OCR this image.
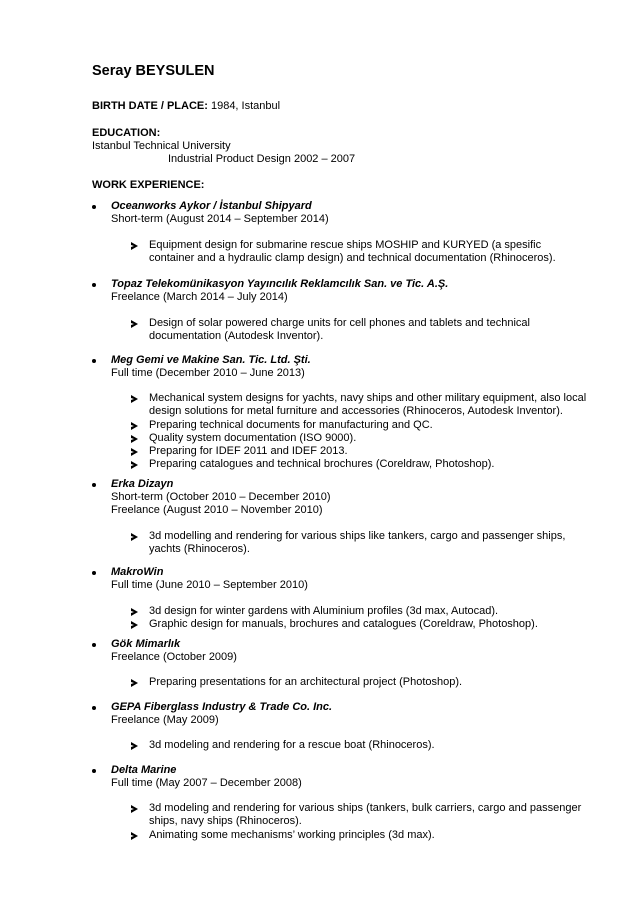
Seray BEYSULEN
BIRTH DATE / PLACE: 1984, Istanbul
EDUCATION:
Istanbul Technical University
Industrial Product Design 2002 – 2007
WORK EXPERIENCE:
Oceanworks Aykor / İstanbul Shipyard
Short-term (August 2014 – September 2014)
Equipment design for submarine rescue ships MOSHIP and KURYED (a spesific container and a hydraulic clamp design) and technical documentation (Rhinoceros).
Topaz Telekomünikasyon Yayıncılık Reklamcılık San. ve Tic. A.Ş.
Freelance (March 2014 – July 2014)
Design of solar powered charge units for cell phones and tablets and technical documentation (Autodesk Inventor).
Meg Gemi ve Makine San. Tic. Ltd. Şti.
Full time (December 2010 – June 2013)
Mechanical system designs for yachts, navy ships and other military equipment, also local design solutions for metal furniture and accessories (Rhinoceros, Autodesk Inventor).
Preparing technical documents for manufacturing and QC.
Quality system documentation (ISO 9000).
Preparing for IDEF 2011 and IDEF 2013.
Preparing catalogues and technical brochures (Coreldraw, Photoshop).
Erka Dizayn
Short-term (October 2010 – December 2010)
Freelance (August 2010 – November 2010)
3d modelling and rendering for various ships like tankers, cargo and passenger ships, yachts (Rhinoceros).
MakroWin
Full time (June 2010 – September 2010)
3d design for winter gardens with Aluminium profiles (3d max, Autocad).
Graphic design for manuals, brochures and catalogues (Coreldraw, Photoshop).
Gök Mimarlık
Freelance (October 2009)
Preparing presentations for an architectural project (Photoshop).
GEPA Fiberglass Industry & Trade Co. Inc.
Freelance (May 2009)
3d modeling and rendering for a rescue boat (Rhinoceros).
Delta Marine
Full time (May 2007 – December 2008)
3d modeling and rendering for various ships (tankers, bulk carriers, cargo and passenger ships, navy ships (Rhinoceros).
Animating some mechanisms’ working principles (3d max).
